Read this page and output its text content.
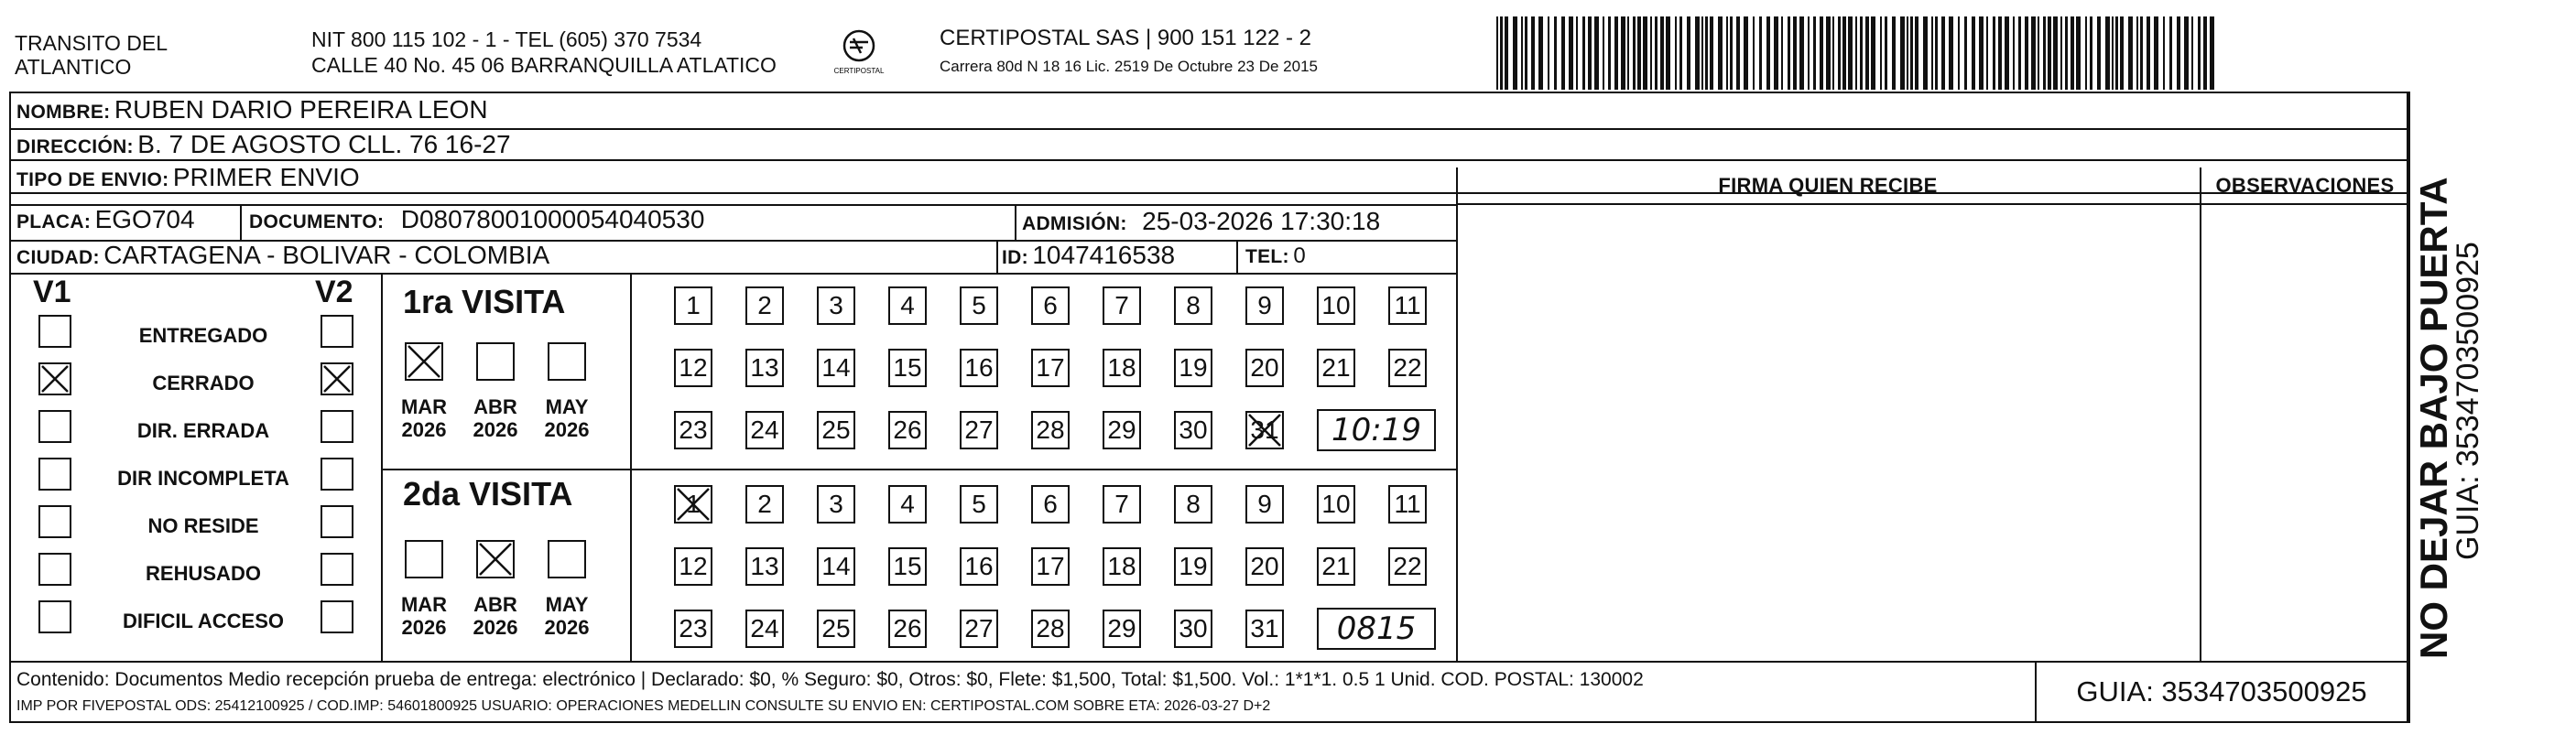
TRANSITO DEL
ATLANTICO
NIT 800 115 102 - 1 - TEL (605) 370 7534
CALLE 40 No. 45 06 BARRANQUILLA ATLATICO	CERTIPOSTAL
CERTIPOSTAL SAS | 900 151 122 - 2
Carrera 80d N 18 16 Lic. 2519 De Octubre 23 De 2015
NOMBRE: RUBEN DARIO PEREIRA LEON
DIRECCIÓN: B. 7 DE AGOSTO CLL. 76 16-27
TIPO DE ENVIO: PRIMER ENVIO
PLACA: EGO704	DOCUMENTO: D08078001000054040530	ADMISIÓN: 25-03-2026 17:30:18
CIUDAD: CARTAGENA - BOLIVAR - COLOMBIA	ID: 1047416538	TEL: 0
FIRMA QUIEN RECIBE	OBSERVACIONES
V1	V2
ENTREGADO
CERRADO
DIR. ERRADA
DIR INCOMPLETA
NO RESIDE
REHUSADO
DIFICIL ACCESO
1ra VISITA
MAR
2026
ABR
2026
MAY
2026
1 2 3 4 5 6 7 8 9 10 11
12 13 14 15 16 17 18 19 20 21 22
23 24 25 26 27 28 29 30 31 10:19
2da VISITA
MAR
2026
ABR
2026
MAY
2026
1 2 3 4 5 6 7 8 9 10 11
12 13 14 15 16 17 18 19 20 21 22
23 24 25 26 27 28 29 30 31 0815
Contenido: Documentos Medio recepción prueba de entrega: electrónico | Declarado: $0, % Seguro: $0, Otros: $0, Flete: $1,500, Total: $1,500. Vol.: 1*1*1. 0.5 1 Unid. COD. POSTAL: 130002
IMP POR FIVEPOSTAL ODS: 25412100925 / COD.IMP: 54601800925 USUARIO: OPERACIONES MEDELLIN CONSULTE SU ENVIO EN: CERTIPOSTAL.COM SOBRE ETA: 2026-03-27 D+2	GUIA: 3534703500925
NO DEJAR BAJO PUERTA
GUIA: 3534703500925
